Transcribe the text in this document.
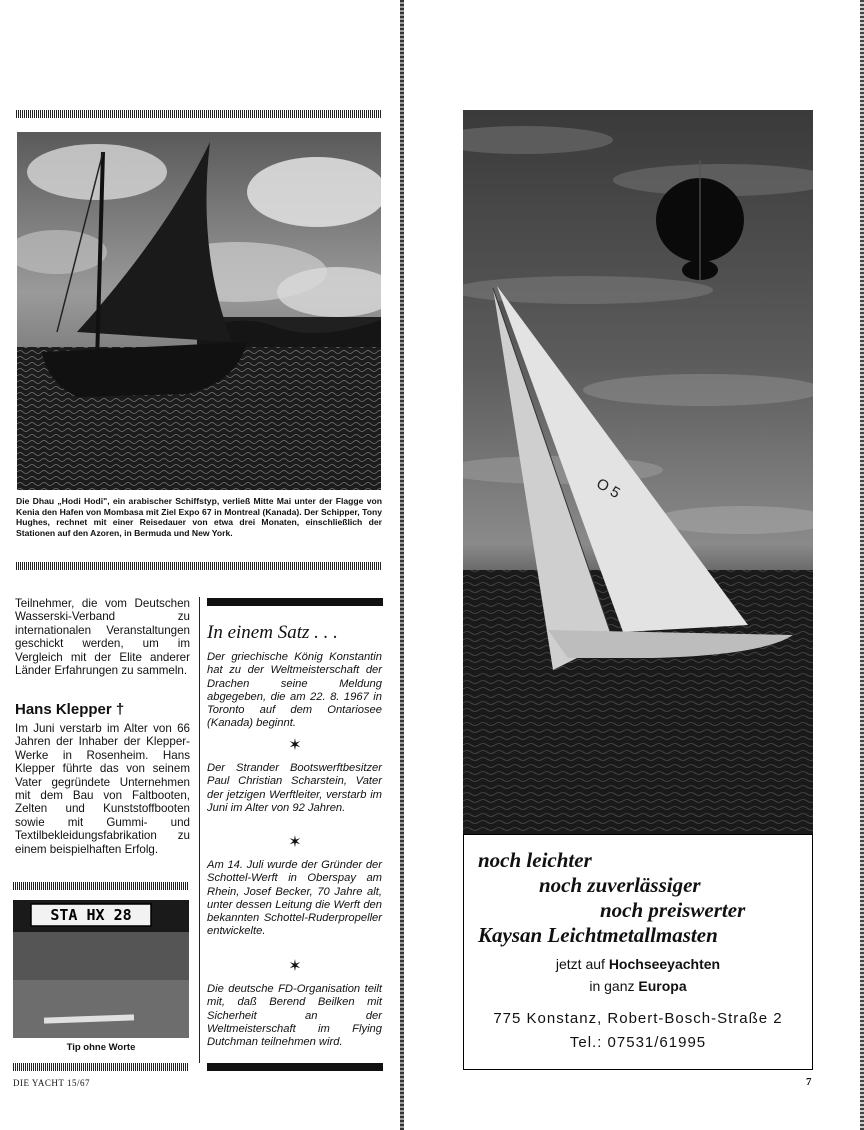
Die Dhau „Hodi Hodi", ein arabischer Schiffstyp, verließ Mitte Mai unter der Flagge von Kenia den Hafen von Mombasa mit Ziel Expo 67 in Montreal (Kanada). Der Schipper, Tony Hughes, rechnet mit einer Reisedauer von etwa drei Monaten, einschließlich der Stationen auf den Azoren, in Bermuda und New York.
Teilnehmer, die vom Deutschen Wasserski-Verband zu internationalen Veranstaltungen geschickt werden, um im Vergleich mit der Elite anderer Länder Erfahrungen zu sammeln.
Hans Klepper †
Im Juni verstarb im Alter von 66 Jahren der Inhaber der Klepper-Werke in Rosenheim. Hans Klepper führte das von seinem Vater gegründete Unternehmen mit dem Bau von Faltbooten, Zelten und Kunststoffbooten sowie mit Gummi- und Textilbekleidungsfabrikation zu einem beispielhaften Erfolg.
STA HX 28
Tip ohne Worte
In einem Satz . . .
Der griechische König Konstantin hat zu der Weltmeisterschaft der Drachen seine Meldung abgegeben, die am 22. 8. 1967 in Toronto auf dem Ontariosee (Kanada) beginnt.
✶
Der Strander Bootswerftbesitzer Paul Christian Scharstein, Vater der jetzigen Werftleiter, verstarb im Juni im Alter von 92 Jahren.
✶
Am 14. Juli wurde der Gründer der Schottel-Werft in Oberspay am Rhein, Josef Becker, 70 Jahre alt, unter dessen Leitung die Werft den bekannten Schottel-Ruderpropeller entwickelte.
✶
Die deutsche FD-Organisation teilt mit, daß Berend Beilken mit Sicherheit an der Weltmeisterschaft im Flying Dutchman teilnehmen wird.
DIE YACHT 15/67
O 5
noch leichter
noch zuverlässiger
noch preiswerter
Kaysan Leichtmetallmasten
jetzt auf Hochseeyachten
in ganz Europa
775 Konstanz, Robert-Bosch-Straße 2
Tel.: 07531/61995
7
